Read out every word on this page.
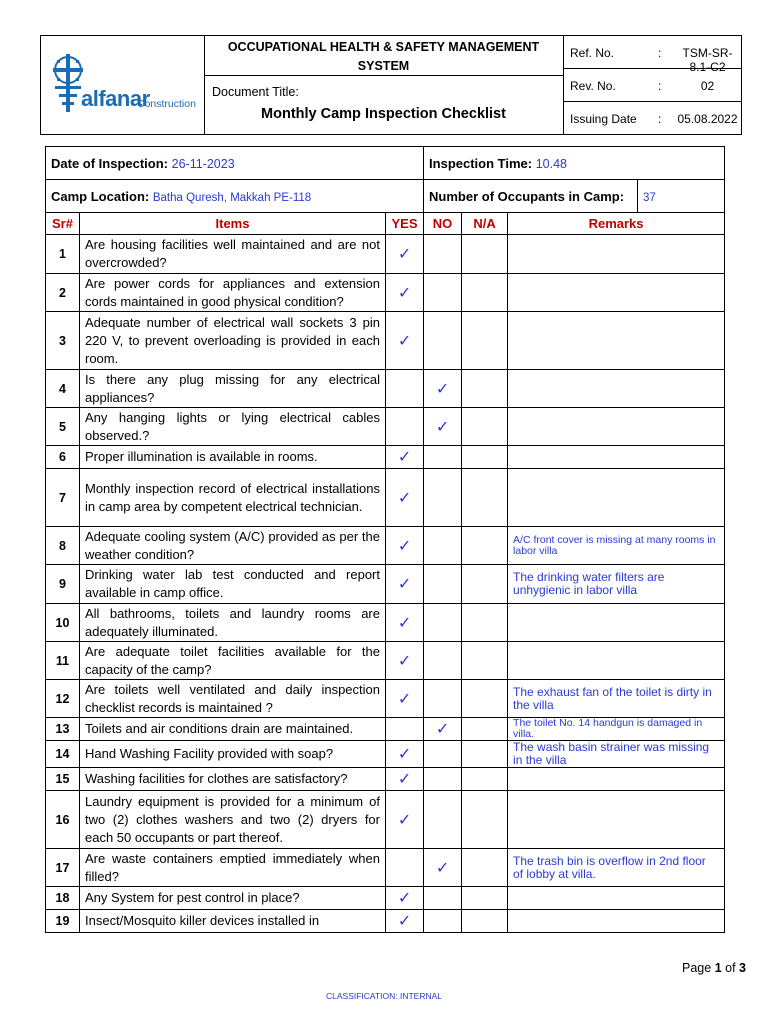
alfanar
Construction
OCCUPATIONAL HEALTH & SAFETY MANAGEMENT SYSTEM
Document Title:
Monthly Camp Inspection Checklist
Ref. No.	:	TSM-SR-8.1-C2
Rev. No.	:	02
Issuing Date : 05.08.2022
Date of Inspection: 26-11-2023			Inspection Time: 10.48			
Camp Location: Batha Quresh, Makkah PE-118			Number of Occupants in Camp:			37
Sr#	Items	YES	NO	N/A	Remarks	
1	Are housing facilities well maintained and are not overcrowded?	✓				
2	Are power cords for appliances and extension cords maintained in good physical condition?	✓				
3	Adequate number of electrical wall sockets 3 pin 220 V, to prevent overloading is provided in each room.	✓				
4	Is there any plug missing for any electrical appliances?		✓			
5	Any hanging lights or lying electrical cables observed.?		✓			
6	Proper illumination is available in rooms.	✓				
7	Monthly inspection record of electrical installations in camp area by competent electrical technician.	✓				
8	Adequate cooling system (A/C) provided as per the weather condition?	✓			A/C front cover is missing at many rooms in labor villa	
9	Drinking water lab test conducted and report available in camp office.	✓			The drinking water filters are unhygienic in labor villa	
10	All bathrooms, toilets and laundry rooms are adequately illuminated.	✓				
11	Are adequate toilet facilities available for the capacity of the camp?	✓				
12	Are toilets well ventilated and daily inspection checklist records is maintained ?	✓			The exhaust fan of the toilet is dirty in the villa	
13	Toilets and air conditions drain are maintained.		✓		The toilet No. 14 handgun is damaged in villa.	
14	Hand Washing Facility provided with soap?	✓			The wash basin strainer was missing in the villa	
15	Washing facilities for clothes are satisfactory?	✓				
16	Laundry equipment is provided for a minimum of two (2) clothes washers and two (2) dryers for each 50 occupants or part thereof.	✓				
17	Are waste containers emptied immediately when filled?		✓		The trash bin is overflow in 2nd floor of lobby at villa.	
18	Any System for pest control in place?	✓				
19	Insect/Mosquito killer devices installed in	✓				
Page 1 of 3
CLASSIFICATION: INTERNAL
